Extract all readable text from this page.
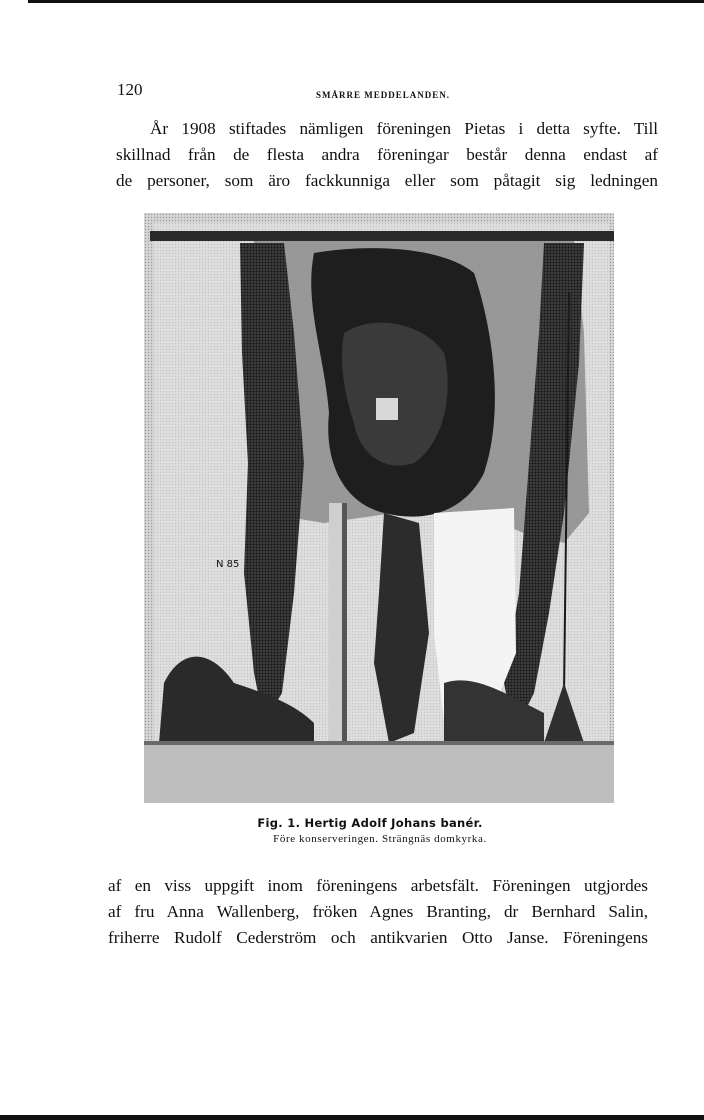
120	SMÅRRE MEDDELANDEN.
År 1908 stiftades nämligen föreningen Pietas i detta syfte. Till
skillnad från de flesta andra föreningar består denna endast af
de personer, som äro fackkunniga eller som påtagit sig ledningen
N 85
Fig. 1. Hertig Adolf Johans banér.
Före konserveringen. Strängnäs domkyrka.
af en viss uppgift inom föreningens arbetsfält. Föreningen utgjordes
af fru Anna Wallenberg, fröken Agnes Branting, dr Bernhard Salin,
friherre Rudolf Cederström och antikvarien Otto Janse. Föreningens
